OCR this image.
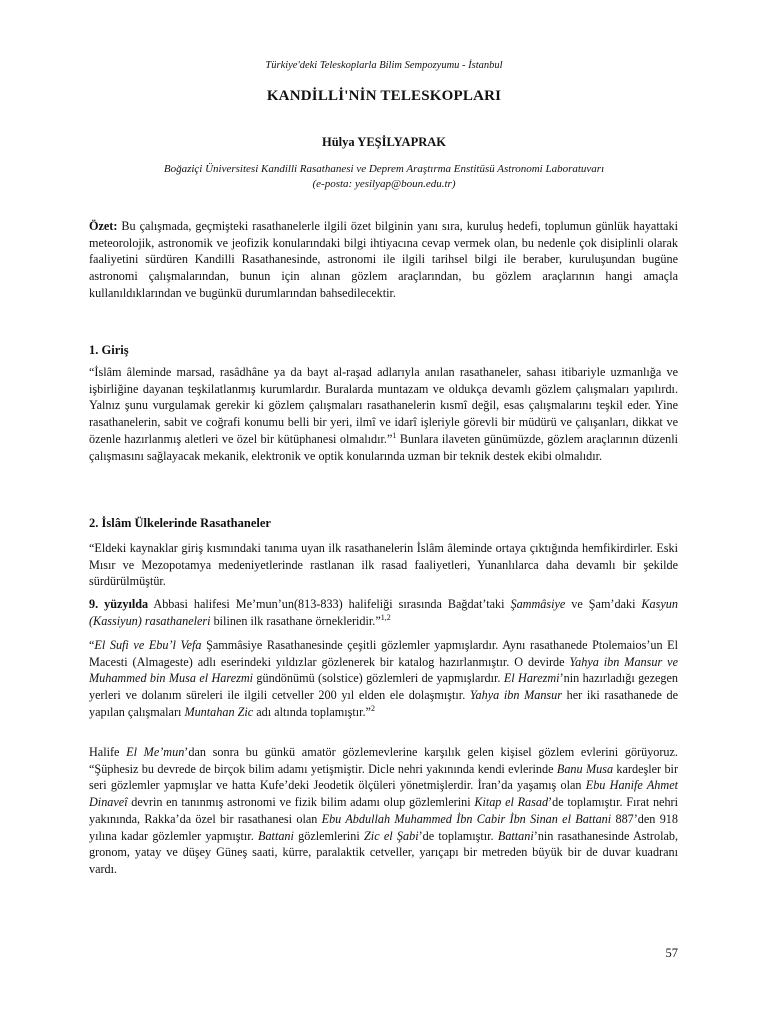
Türkiye'deki Teleskoplarla Bilim Sempozyumu - İstanbul
KANDİLLİ'NİN TELESKOPLARI
Hülya YEŞİLYAPRAK
Boğaziçi Üniversitesi Kandilli Rasathanesi ve Deprem Araştırma Enstitüsü Astronomi Laboratuvarı
(e-posta: yesilyap@boun.edu.tr)

Özet: Bu çalışmada, geçmişteki rasathanelerle ilgili özet bilginin yanı sıra, kuruluş hedefi, toplumun günlük hayattaki meteorolojik, astronomik ve jeofizik konularındaki bilgi ihtiyacına cevap vermek olan, bu nedenle çok disiplinli olarak faaliyetini sürdüren Kandilli Rasathanesinde, astronomi ile ilgili tarihsel bilgi ile beraber, kuruluşundan bugüne astronomi çalışmalarından, bunun için alınan gözlem araçlarından, bu gözlem araçlarının hangi amaçla kullanıldıklarından ve bugünkü durumlarından bahsedilecektir.

1. Giriş

“İslâm âleminde marsad, rasâdhâne ya da bayt al-raşad adlarıyla anılan rasathaneler, sahası itibariyle uzmanlığa ve işbirliğine dayanan teşkilatlanmış kurumlardır. Buralarda muntazam ve oldukça devamlı gözlem çalışmaları yapılırdı. Yalnız şunu vurgulamak gerekir ki gözlem çalışmaları rasathanelerin kısmî değil, esas çalışmalarını teşkil eder. Yine rasathanelerin, sabit ve coğrafi konumu belli bir yeri, ilmî ve idarî işleriyle görevli bir müdürü ve çalışanları, dikkat ve özenle hazırlanmış aletleri ve özel bir kütüphanesi olmalıdır.”$^1$ Bunlara ilaveten günümüzde, gözlem araçlarının düzenli çalışmasını sağlayacak mekanik, elektronik ve optik konularında uzman bir teknik destek ekibi olmalıdır.

2. İslâm Ülkelerinde Rasathaneler

“Eldeki kaynaklar giriş kısmındaki tanıma uyan ilk rasathanelerin İslâm âleminde ortaya çıktığında hemfikirdirler. Eski Mısır ve Mezopotamya medeniyetlerinde rastlanan ilk rasad faaliyetleri, Yunanlılarca daha devamlı bir şekilde sürdürülmüştür.

9. yüzyılda Abbasi halifesi Me’mun’un(813-833) halifeliği sırasında Bağdat’taki Şammâsiye ve Şam’daki Kasyun (Kassiyun) rasathaneleri bilinen ilk rasathane örnekleridir.”$^{1,2}$

“El Sufi ve Ebu’l Vefa Şammâsiye Rasathanesinde çeşitli gözlemler yapmışlardır. Aynı rasathanede Ptolemaios’un El Macesti (Almageste) adlı eserindeki yıldızlar gözlenerek bir katalog hazırlanmıştır. O devirde Yahya ibn Mansur ve Muhammed bin Musa el Harezmi gündönümü (solstice) gözlemleri de yapmışlardır. El Harezmi’nin hazırladığı gezegen yerleri ve dolanım süreleri ile ilgili cetveller 200 yıl elden ele dolaşmıştır. Yahya ibn Mansur her iki rasathanede de yapılan çalışmaları Muntahan Zic adı altında toplamıştır.”$^2$

Halife El Me’mun’dan sonra bu günkü amatör gözlemevlerine karşılık gelen kişisel gözlem evlerini görüyoruz. “Şüphesiz bu devrede de birçok bilim adamı yetişmiştir. Dicle nehri yakınında kendi evlerinde Banu Musa kardeşler bir seri gözlemler yapmışlar ve hatta Kufe’deki Jeodetik ölçüleri yönetmişlerdir. İran’da yaşamış olan Ebu Hanife Ahmet Dinaveî devrin en tanınmış astronomi ve fizik bilim adamı olup gözlemlerini Kitap el Rasad’de toplamıştır. Fırat nehri yakınında, Rakka’da özel bir rasathanesi olan Ebu Abdullah Muhammed İbn Cabir İbn Sinan el Battani 887’den 918 yılına kadar gözlemler yapmıştır. Battani gözlemlerini Zic el Şabi’de toplamıştır. Battani’nin rasathanesinde Astrolab, gronom, yatay ve düşey Güneş saati, kürre, paralaktik cetveller, yarıçapı bir metreden büyük bir de duvar kuadranı vardı.

57
